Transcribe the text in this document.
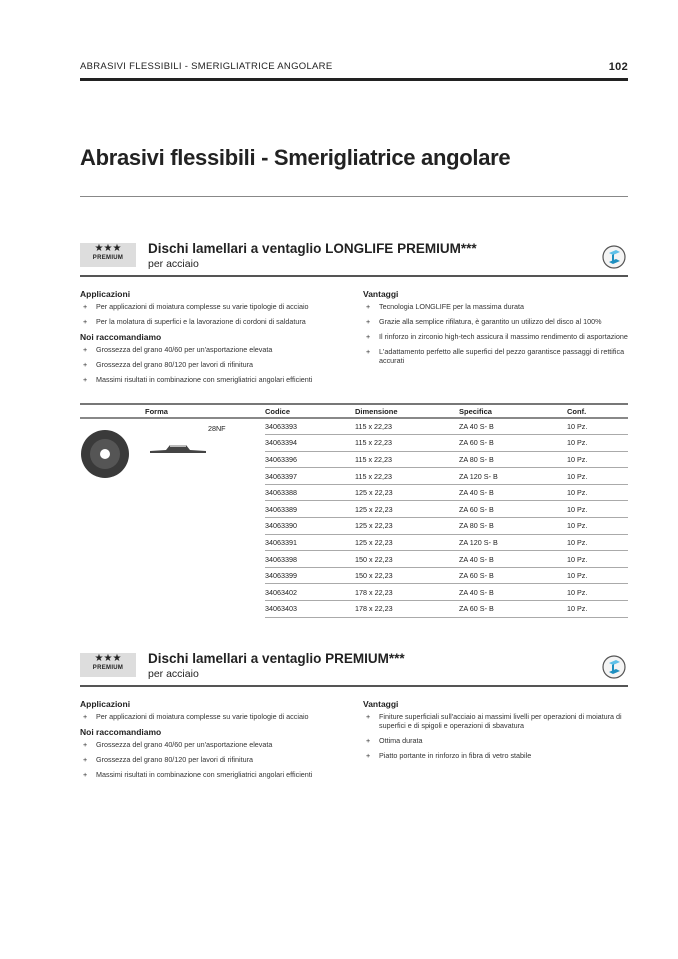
ABRASIVI FLESSIBILI - SMERIGLIATRICE ANGOLARE	102
Abrasivi flessibili - Smerigliatrice angolare
★★★
PREMIUM
Dischi lamellari a ventaglio LONGLIFE PREMIUM***
per acciaio
Applicazioni
+ Per applicazioni di moiatura complesse su varie tipologie di acciaio
+ Per la molatura di superfici e la lavorazione di cordoni di saldatura
Noi raccomandiamo
+ Grossezza del grano 40/60 per un'asportazione elevata
+ Grossezza del grano 80/120 per lavori di rifinitura
+ Massimi risultati in combinazione con smerigliatrici angolari efficienti
Vantaggi
+ Tecnologia LONGLIFE per la massima durata
+ Grazie alla semplice rifilatura, è garantito un utilizzo del disco al 100%
+ Il rinforzo in zirconio high-tech assicura il massimo rendimento di asportazione
+ L'adattamento perfetto alle superfici del pezzo garantisce passaggi di rettifica accurati
★★★
PREMIUM
Dischi lamellari a ventaglio PREMIUM***
per acciaio
Applicazioni
+ Per applicazioni di moiatura complesse su varie tipologie di acciaio
Noi raccomandiamo
+ Grossezza del grano 40/60 per un'asportazione elevata
+ Grossezza del grano 80/120 per lavori di rifinitura
+ Massimi risultati in combinazione con smerigliatrici angolari efficienti
Vantaggi
+ Finiture superficiali sull'acciaio ai massimi livelli per operazioni di moiatura di superfici e di spigoli e operazioni di sbavatura
+ Ottima durata
+ Piatto portante in rinforzo in fibra di vetro stabile
Forma	Codice	Dimensione	Specifica	Conf.

28NF	34063393	115 x 22,23	ZA 40 S- B	10 Pz.
	34063394	115 x 22,23	ZA 60 S- B	10 Pz.
	34063396	115 x 22,23	ZA 80 S- B	10 Pz.
	34063397	115 x 22,23	ZA 120 S- B	10 Pz.
	34063388	125 x 22,23	ZA 40 S- B	10 Pz.
	34063389	125 x 22,23	ZA 60 S- B	10 Pz.
	34063390	125 x 22,23	ZA 80 S- B	10 Pz.
	34063391	125 x 22,23	ZA 120 S- B	10 Pz.
	34063398	150 x 22,23	ZA 40 S- B	10 Pz.
	34063399	150 x 22,23	ZA 60 S- B	10 Pz.
	34063402	178 x 22,23	ZA 40 S- B	10 Pz.
	34063403	178 x 22,23	ZA 60 S- B	10 Pz.
